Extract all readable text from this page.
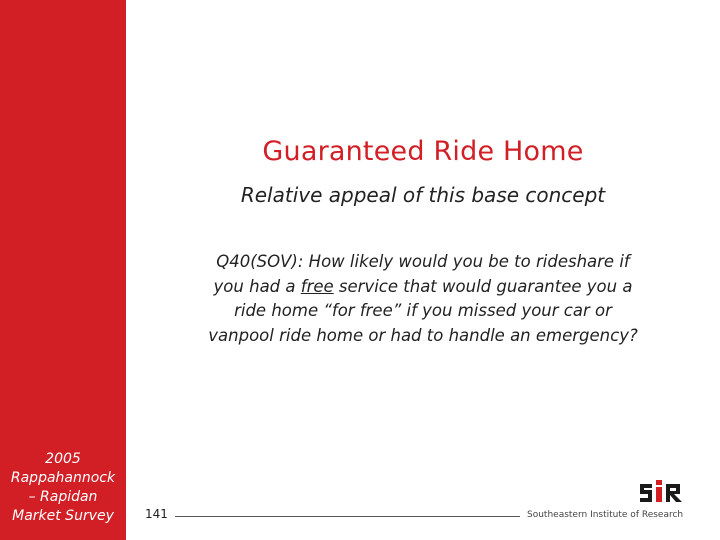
2005
Rappahannock
– Rapidan
Market Survey
Guaranteed Ride Home
Relative appeal of this base concept
Q40(SOV): How likely would you be to rideshare if
you had a free service that would guarantee you a
ride home “for free” if you missed your car or
vanpool ride home or had to handle an emergency?
141	Southeastern Institute of Research
